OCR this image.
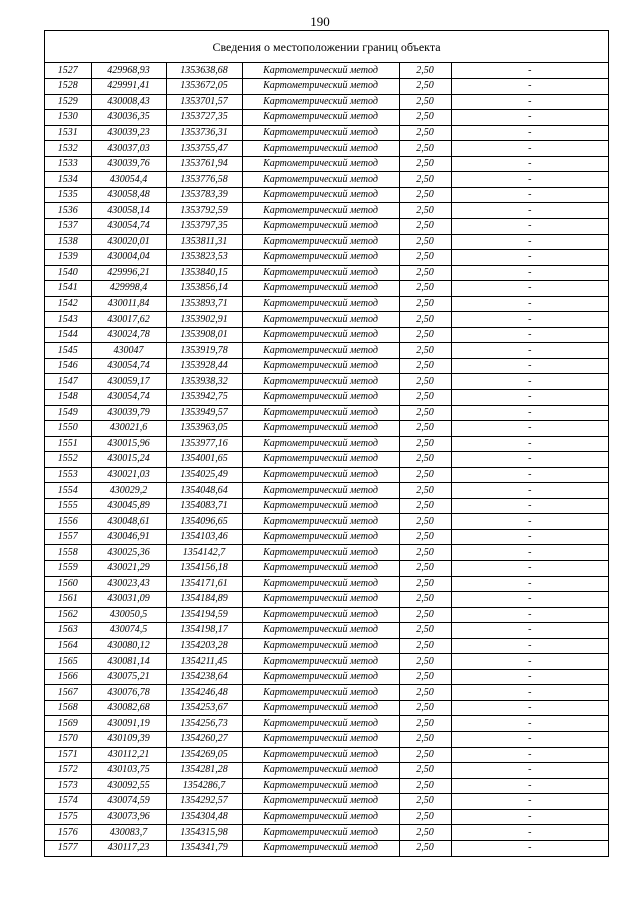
190
Сведения о местоположении границ объекта
1527	429968,93	1353638,68	Картометрический метод	2,50	-
1528	429991,41	1353672,05	Картометрический метод	2,50	-
1529	430008,43	1353701,57	Картометрический метод	2,50	-
1530	430036,35	1353727,35	Картометрический метод	2,50	-
1531	430039,23	1353736,31	Картометрический метод	2,50	-
1532	430037,03	1353755,47	Картометрический метод	2,50	-
1533	430039,76	1353761,94	Картометрический метод	2,50	-
1534	430054,4	1353776,58	Картометрический метод	2,50	-
1535	430058,48	1353783,39	Картометрический метод	2,50	-
1536	430058,14	1353792,59	Картометрический метод	2,50	-
1537	430054,74	1353797,35	Картометрический метод	2,50	-
1538	430020,01	1353811,31	Картометрический метод	2,50	-
1539	430004,04	1353823,53	Картометрический метод	2,50	-
1540	429996,21	1353840,15	Картометрический метод	2,50	-
1541	429998,4	1353856,14	Картометрический метод	2,50	-
1542	430011,84	1353893,71	Картометрический метод	2,50	-
1543	430017,62	1353902,91	Картометрический метод	2,50	-
1544	430024,78	1353908,01	Картометрический метод	2,50	-
1545	430047	1353919,78	Картометрический метод	2,50	-
1546	430054,74	1353928,44	Картометрический метод	2,50	-
1547	430059,17	1353938,32	Картометрический метод	2,50	-
1548	430054,74	1353942,75	Картометрический метод	2,50	-
1549	430039,79	1353949,57	Картометрический метод	2,50	-
1550	430021,6	1353963,05	Картометрический метод	2,50	-
1551	430015,96	1353977,16	Картометрический метод	2,50	-
1552	430015,24	1354001,65	Картометрический метод	2,50	-
1553	430021,03	1354025,49	Картометрический метод	2,50	-
1554	430029,2	1354048,64	Картометрический метод	2,50	-
1555	430045,89	1354083,71	Картометрический метод	2,50	-
1556	430048,61	1354096,65	Картометрический метод	2,50	-
1557	430046,91	1354103,46	Картометрический метод	2,50	-
1558	430025,36	1354142,7	Картометрический метод	2,50	-
1559	430021,29	1354156,18	Картометрический метод	2,50	-
1560	430023,43	1354171,61	Картометрический метод	2,50	-
1561	430031,09	1354184,89	Картометрический метод	2,50	-
1562	430050,5	1354194,59	Картометрический метод	2,50	-
1563	430074,5	1354198,17	Картометрический метод	2,50	-
1564	430080,12	1354203,28	Картометрический метод	2,50	-
1565	430081,14	1354211,45	Картометрический метод	2,50	-
1566	430075,21	1354238,64	Картометрический метод	2,50	-
1567	430076,78	1354246,48	Картометрический метод	2,50	-
1568	430082,68	1354253,67	Картометрический метод	2,50	-
1569	430091,19	1354256,73	Картометрический метод	2,50	-
1570	430109,39	1354260,27	Картометрический метод	2,50	-
1571	430112,21	1354269,05	Картометрический метод	2,50	-
1572	430103,75	1354281,28	Картометрический метод	2,50	-
1573	430092,55	1354286,7	Картометрический метод	2,50	-
1574	430074,59	1354292,57	Картометрический метод	2,50	-
1575	430073,96	1354304,48	Картометрический метод	2,50	-
1576	430083,7	1354315,98	Картометрический метод	2,50	-
1577	430117,23	1354341,79	Картометрический метод	2,50	-
